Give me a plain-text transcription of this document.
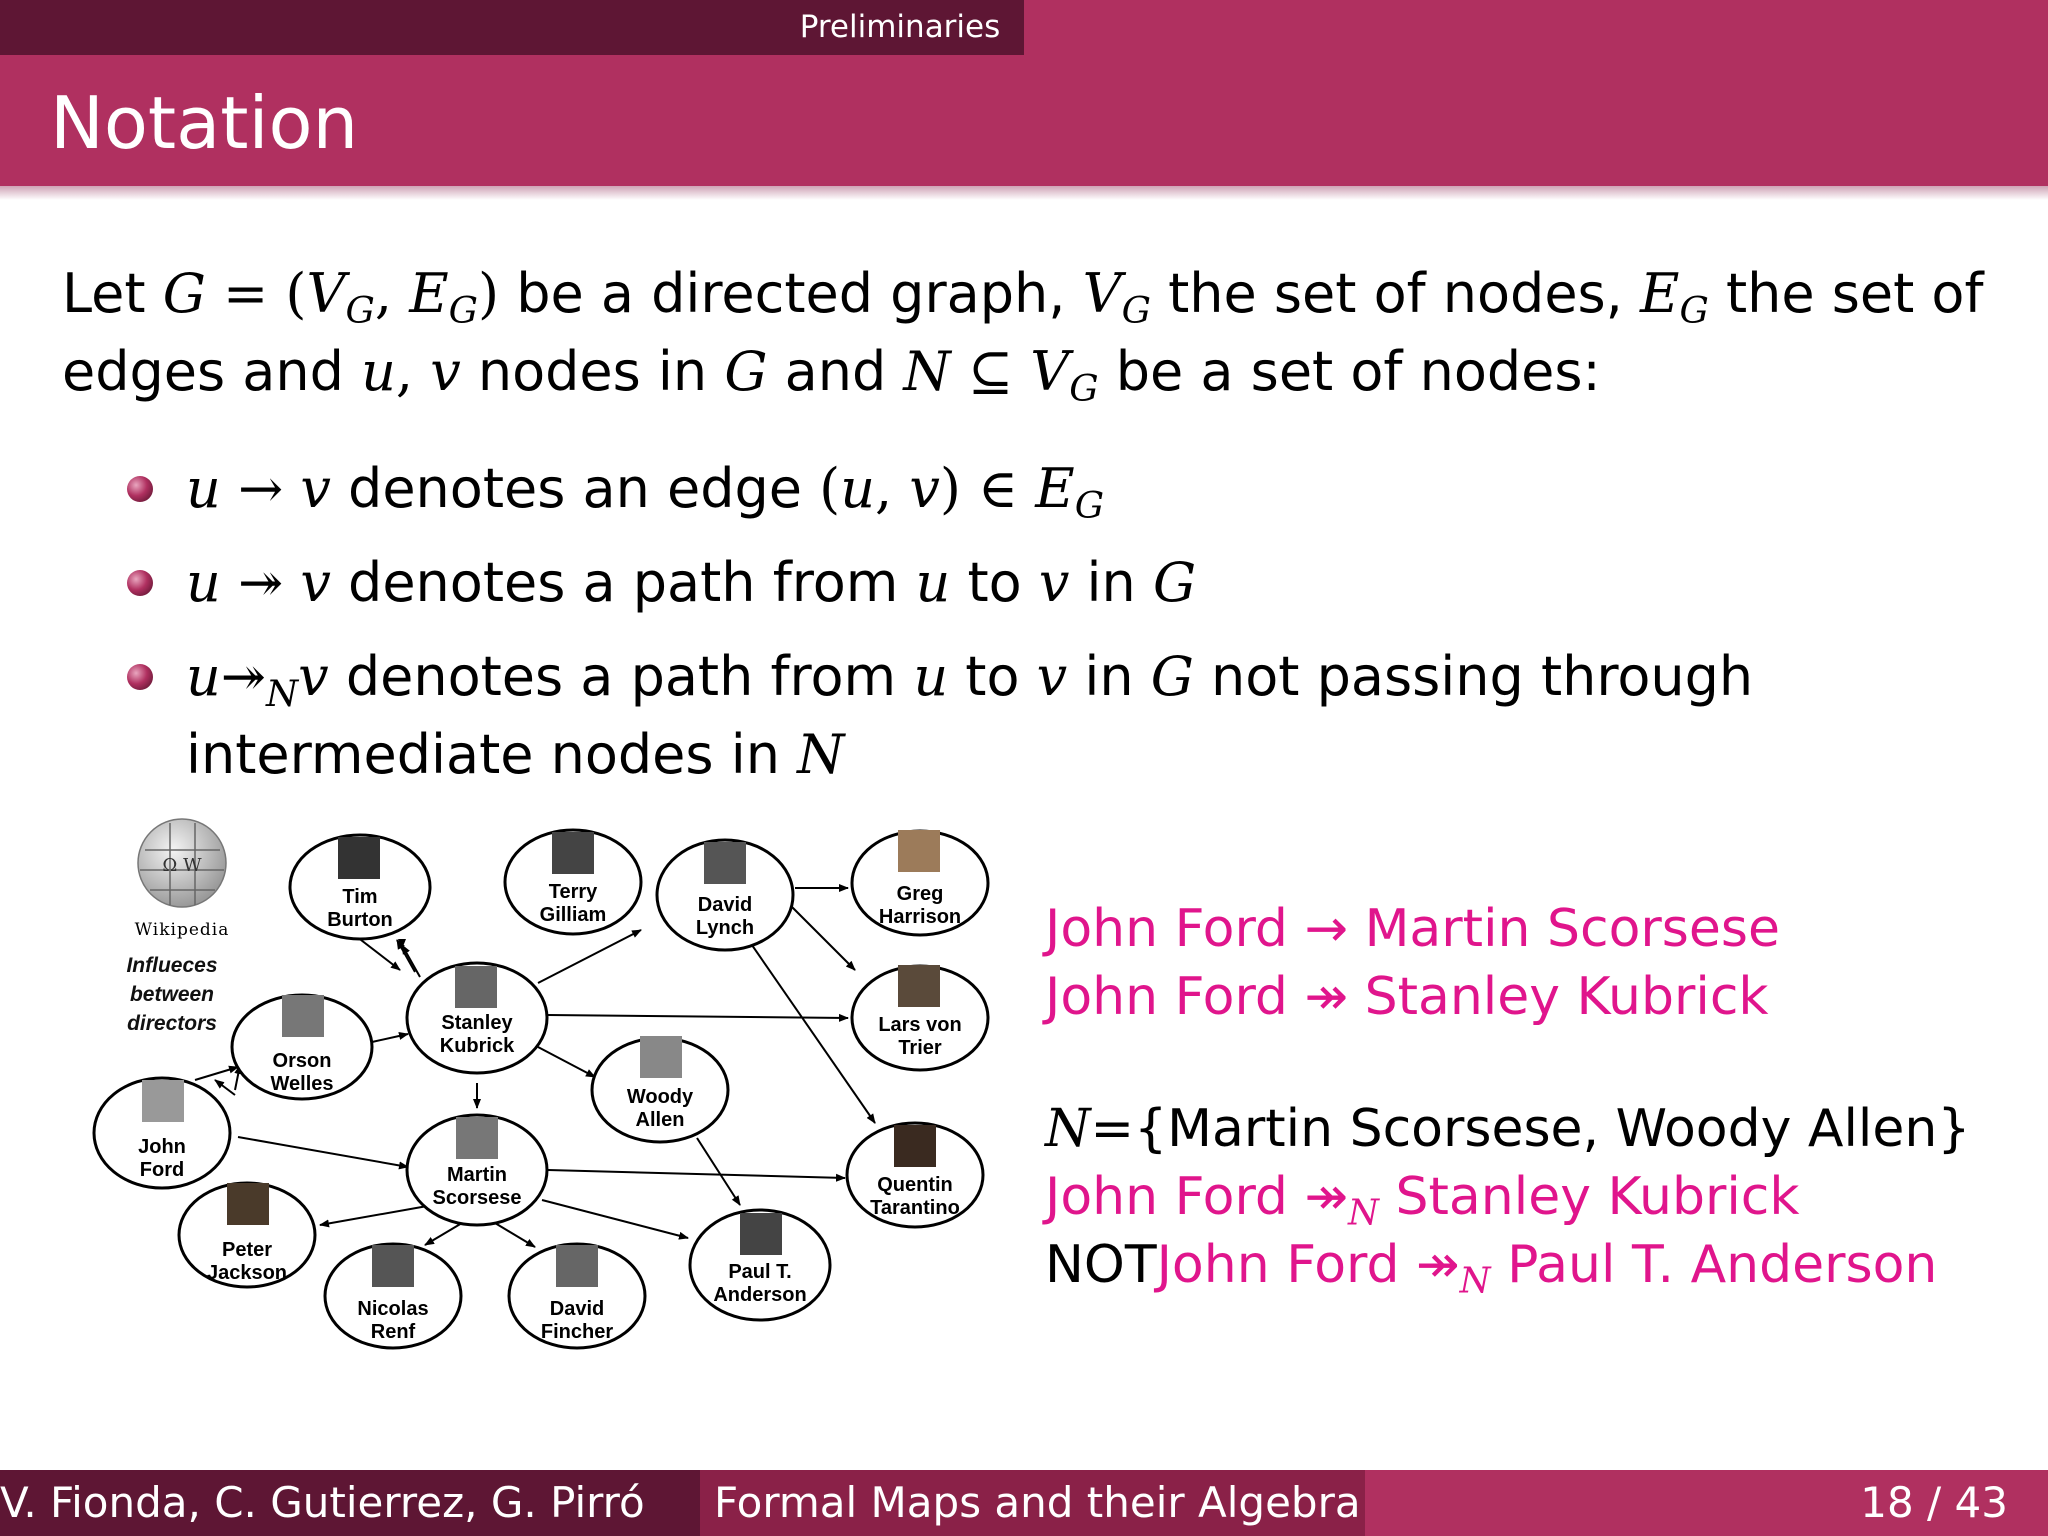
Preliminaries
Notation
Let $G = (V_G$, $E_G$) be a directed graph, $V_G$ the set of nodes, $E_G$ the set of
edges and u, v nodes in G and N ⊆ $V_G$ be a set of nodes:
u → v denotes an edge (u, v) ∈ $E_G$
u ↠ v denotes a path from u to v in G
$u↠_Nv$ denotes a path from u to v in G not passing through
intermediate nodes in N
Ω W
Wikipedia
Influeces
between
directors
Tim
Burton
Terry
Gilliam	David
Lynch
Greg
Harrison
Stanley
Kubrick
Orson
Welles
Lars von
Trier
Woody
Allen
John
Ford	Martin
Scorsese
Quentin
Tarantino
Peter
Jackson
Nicolas
Renf
David
Fincher
Paul T.
Anderson
John Ford → Martin Scorsese
John Ford ↠ Stanley Kubrick
N={Martin Scorsese, Woody Allen}
John Ford $↠_N$ Stanley Kubrick
NOTJohn Ford $↠_N$ Paul T. Anderson
V. Fionda, C. Gutierrez, G. Pirró	Formal Maps and their Algebra	18 / 43
